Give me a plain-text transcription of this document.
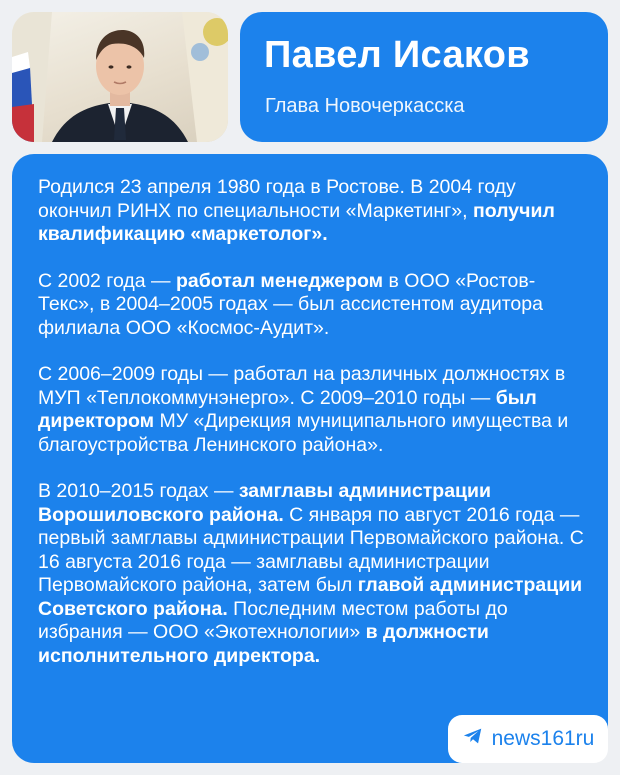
Павел Исаков
Глава Новочеркасска

Родился 23 апреля 1980 года в Ростове. В 2004 году окончил РИНХ по специальности «Маркетинг», получил квалификацию «маркетолог».

С 2002 года — работал менеджером в ООО «Ростов-Текс», в 2004–2005 годах — был ассистентом аудитора филиала ООО «Космос-Аудит».

С 2006–2009 годы — работал на различных должностях в МУП «Теплокоммунэнерго». С 2009–2010 годы — был директором МУ «Дирекция муниципального имущества и благоустройства Ленинского района».

В 2010–2015 годах — замглавы администрации Ворошиловского района. С января по август 2016 года — первый замглавы администрации Первомайского района. С 16 августа 2016 года — замглавы администрации Первомайского района, затем был главой администрации Советского района. Последним местом работы до избрания — ООО «Экотехнологии» в должности исполнительного директора.

news161ru
